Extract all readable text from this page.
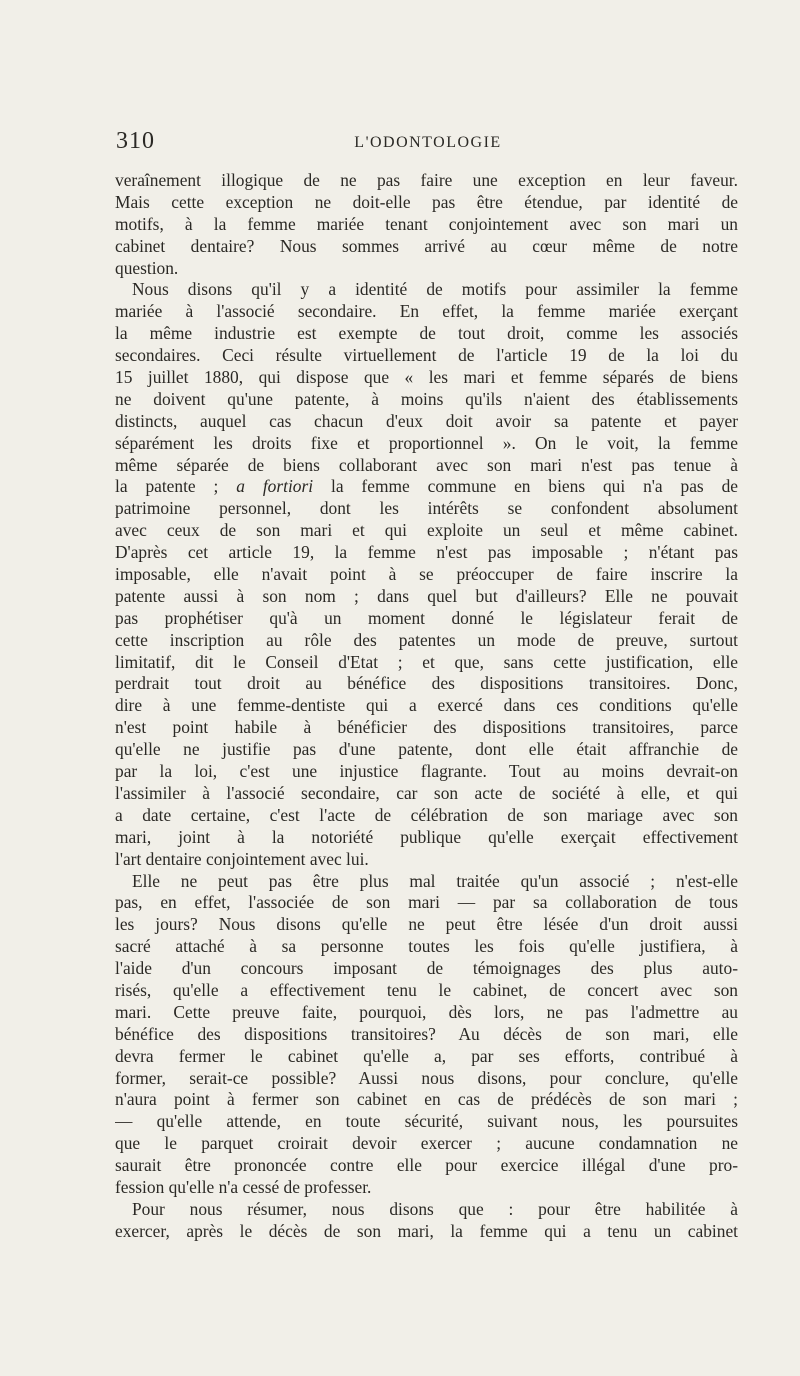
310	L'ODONTOLOGIE
veraînement illogique de ne pas faire une exception en leur faveur.
Mais cette exception ne doit-elle pas être étendue, par identité de
motifs, à la femme mariée tenant conjointement avec son mari un
cabinet dentaire? Nous sommes arrivé au cœur même de notre
question.
Nous disons qu'il y a identité de motifs pour assimiler la femme
mariée à l'associé secondaire. En effet, la femme mariée exerçant
la même industrie est exempte de tout droit, comme les associés
secondaires. Ceci résulte virtuellement de l'article 19 de la loi du
15 juillet 1880, qui dispose que « les mari et femme séparés de biens
ne doivent qu'une patente, à moins qu'ils n'aient des établissements
distincts, auquel cas chacun d'eux doit avoir sa patente et payer
séparément les droits fixe et proportionnel ». On le voit, la femme
même séparée de biens collaborant avec son mari n'est pas tenue à
la patente ; a fortiori la femme commune en biens qui n'a pas de
patrimoine personnel, dont les intérêts se confondent absolument
avec ceux de son mari et qui exploite un seul et même cabinet.
D'après cet article 19, la femme n'est pas imposable ; n'étant pas
imposable, elle n'avait point à se préoccuper de faire inscrire la
patente aussi à son nom ; dans quel but d'ailleurs? Elle ne pouvait
pas prophétiser qu'à un moment donné le législateur ferait de
cette inscription au rôle des patentes un mode de preuve, surtout
limitatif, dit le Conseil d'Etat ; et que, sans cette justification, elle
perdrait tout droit au bénéfice des dispositions transitoires. Donc,
dire à une femme-dentiste qui a exercé dans ces conditions qu'elle
n'est point habile à bénéficier des dispositions transitoires, parce
qu'elle ne justifie pas d'une patente, dont elle était affranchie de
par la loi, c'est une injustice flagrante. Tout au moins devrait-on
l'assimiler à l'associé secondaire, car son acte de société à elle, et qui
a date certaine, c'est l'acte de célébration de son mariage avec son
mari, joint à la notoriété publique qu'elle exerçait effectivement
l'art dentaire conjointement avec lui.
Elle ne peut pas être plus mal traitée qu'un associé ; n'est-elle
pas, en effet, l'associée de son mari — par sa collaboration de tous
les jours? Nous disons qu'elle ne peut être lésée d'un droit aussi
sacré attaché à sa personne toutes les fois qu'elle justifiera, à
l'aide d'un concours imposant de témoignages des plus auto-
risés, qu'elle a effectivement tenu le cabinet, de concert avec son
mari. Cette preuve faite, pourquoi, dès lors, ne pas l'admettre au
bénéfice des dispositions transitoires? Au décès de son mari, elle
devra fermer le cabinet qu'elle a, par ses efforts, contribué à
former, serait-ce possible? Aussi nous disons, pour conclure, qu'elle
n'aura point à fermer son cabinet en cas de prédécès de son mari ;
— qu'elle attende, en toute sécurité, suivant nous, les poursuites
que le parquet croirait devoir exercer ; aucune condamnation ne
saurait être prononcée contre elle pour exercice illégal d'une pro-
fession qu'elle n'a cessé de professer.
Pour nous résumer, nous disons que : pour être habilitée à
exercer, après le décès de son mari, la femme qui a tenu un cabinet
